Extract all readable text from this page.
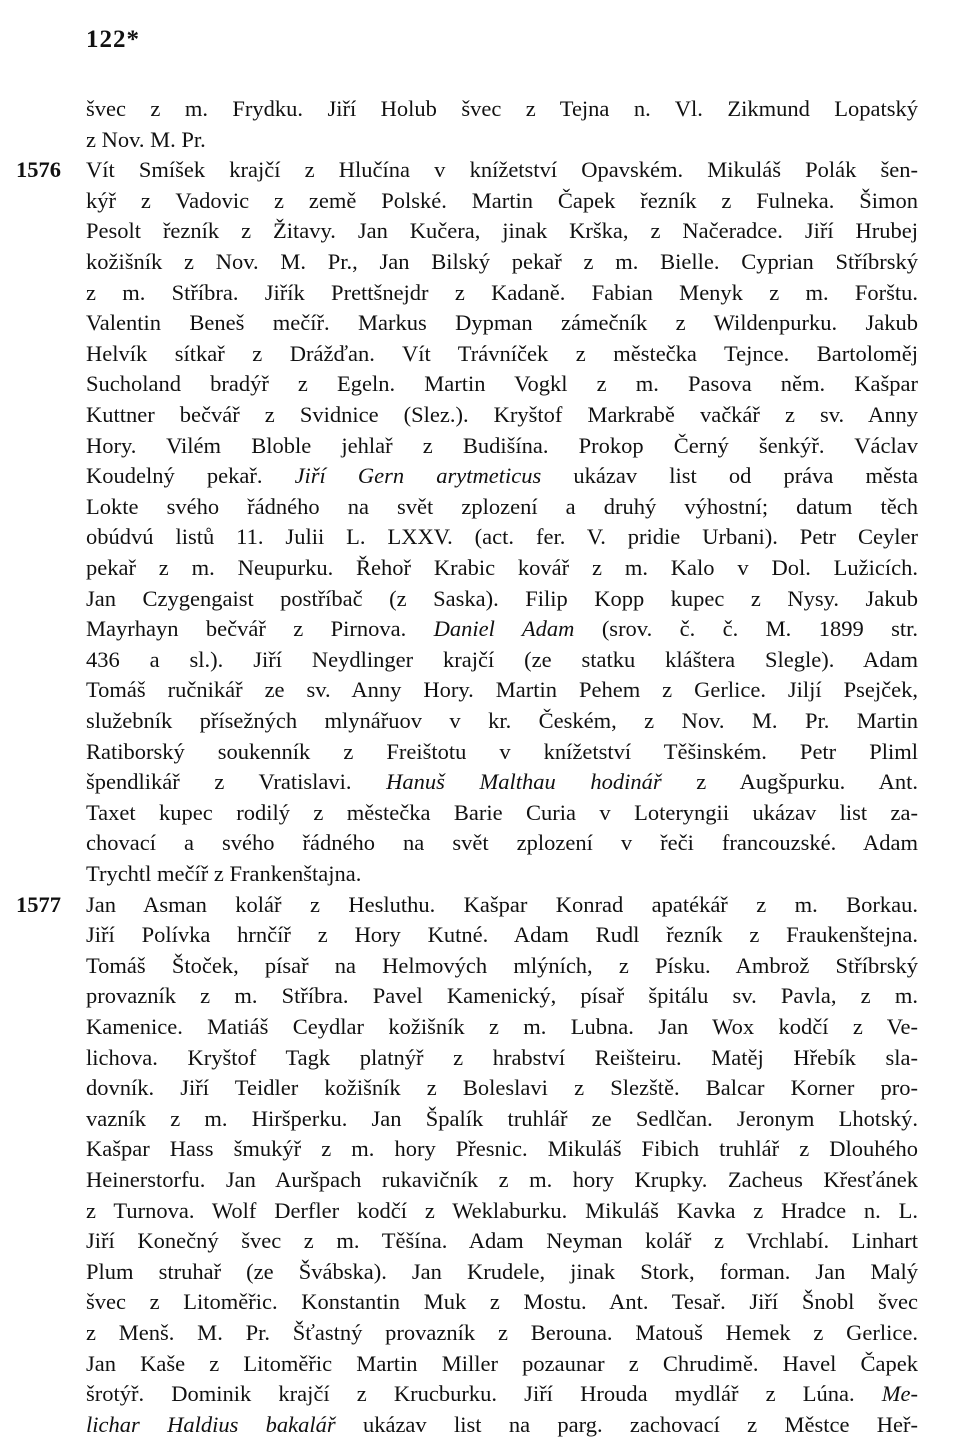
122*
1576
1577
švec z m. Frydku. Jiří Holub švec z Tejna n. Vl. Zikmund Lopatský
z Nov. M. Pr.
Vít Smíšek krajčí z Hlučína v knížetství Opavském. Mikuláš Polák šen-
kýř z Vadovic z země Polské. Martin Čapek řezník z Fulneka. Šimon
Pesolt řezník z Žitavy. Jan Kučera, jinak Krška, z Načeradce. Jiří Hrubej
kožišník z Nov. M. Pr., Jan Bilský pekař z m. Bielle. Cyprian Stříbrský
z m. Stříbra. Jiřík Prettšnejdr z Kadaně. Fabian Menyk z m. Forštu.
Valentin Beneš mečíř. Markus Dypman zámečník z Wildenpurku. Jakub
Helvík sítkař z Drážďan. Vít Trávníček z městečka Tejnce. Bartoloměj
Sucholand bradýř z Egeln. Martin Vogkl z m. Pasova něm. Kašpar
Kuttner bečvář z Svidnice (Slez.). Kryštof Markrabě vačkář z sv. Anny
Hory. Vilém Bloble jehlař z Budišína. Prokop Černý šenkýř. Václav
Koudelný pekař. Jiří Gern arytmeticus ukázav list od práva města
Lokte svého řádného na svět zplození a druhý výhostní; datum těch
obúdvú listů 11. Julii L. LXXV. (act. fer. V. pridie Urbani). Petr Ceyler
pekař z m. Neupurku. Řehoř Krabic kovář z m. Kalo v Dol. Lužicích.
Jan Czygengaist postříbač (z Saska). Filip Kopp kupec z Nysy. Jakub
Mayrhayn bečvář z Pirnova. Daniel Adam (srov. č. č. M. 1899 str.
436 a sl.). Jiří Neydlinger krajčí (ze statku kláštera Slegle). Adam
Tomáš ručnikář ze sv. Anny Hory. Martin Pehem z Gerlice. Jiljí Psejček,
služebník přísežných mlynářuov v kr. Českém, z Nov. M. Pr. Martin
Ratiborský soukenník z Freištotu v knížetství Těšinském. Petr Pliml
špendlikář z Vratislavi. Hanuš Malthau hodinář z Augšpurku. Ant.
Taxet kupec rodilý z městečka Barie Curia v Loteryngii ukázav list za-
chovací a svého řádného na svět zplození v řeči francouzské. Adam
Trychtl mečíř z Frankenštajna.
Jan Asman kolář z Hesluthu. Kašpar Konrad apatékář z m. Borkau.
Jiří Polívka hrnčíř z Hory Kutné. Adam Rudl řezník z Fraukenštejna.
Tomáš Štoček, písař na Helmových mlýních, z Písku. Ambrož Stříbrský
provazník z m. Stříbra. Pavel Kamenický, písař špitálu sv. Pavla, z m.
Kamenice. Matiáš Ceydlar kožišník z m. Lubna. Jan Wox kodčí z Ve-
lichova. Kryštof Tagk platnýř z hrabství Reišteiru. Matěj Hřebík sla-
dovník. Jiří Teidler kožišník z Boleslavi z Slezště. Balcar Korner pro-
vazník z m. Hiršperku. Jan Špalík truhlář ze Sedlčan. Jeronym Lhotský.
Kašpar Hass šmukýř z m. hory Přesnic. Mikuláš Fibich truhlář z Dlouhého
Heinerstorfu. Jan Auršpach rukavičník z m. hory Krupky. Zacheus Křesťánek
z Turnova. Wolf Derfler kodčí z Weklaburku. Mikuláš Kavka z Hradce n. L.
Jiří Konečný švec z m. Těšína. Adam Neyman kolář z Vrchlabí. Linhart
Plum struhař (ze Švábska). Jan Krudele, jinak Stork, forman. Jan Malý
švec z Litoměřic. Konstantin Muk z Mostu. Ant. Tesař. Jiří Šnobl švec
z Menš. M. Pr. Šťastný provazník z Berouna. Matouš Hemek z Gerlice.
Jan Kaše z Litoměřic Martin Miller pozaunar z Chrudimě. Havel Čapek
šrotýř. Dominik krajčí z Krucburku. Jiří Hrouda mydlář z Lúna. Me-
lichar Haldius bakalář ukázav list na parg. zachovací z Městce Heř-
